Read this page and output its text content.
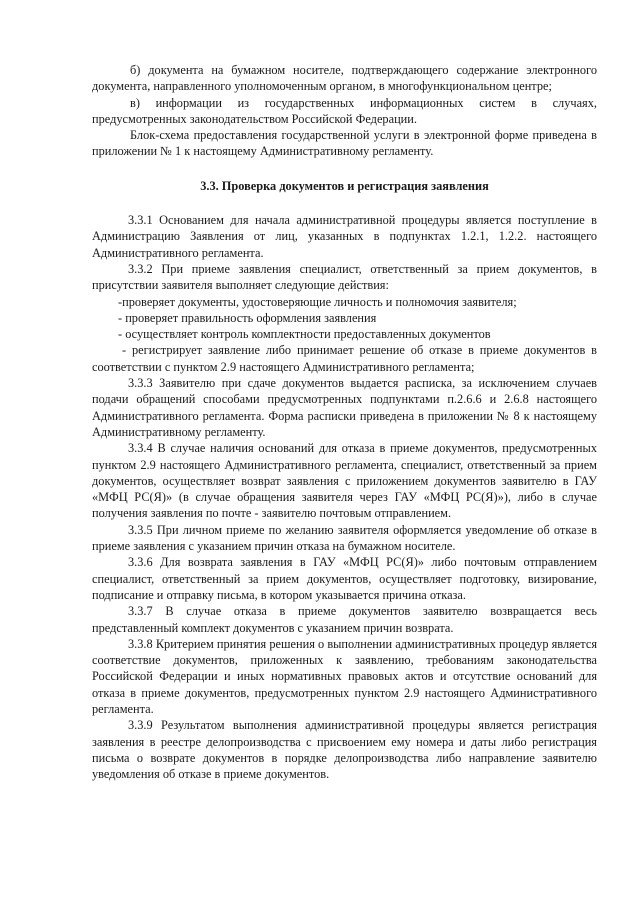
б) документа на бумажном носителе, подтверждающего содержание электронного документа, направленного уполномоченным органом, в многофункциональном центре;

в) информации из государственных информационных систем в случаях, предусмотренных законодательством Российской Федерации.

Блок-схема предоставления государственной услуги в электронной форме приведена в приложении № 1 к настоящему Административному регламенту.

3.3. Проверка документов и регистрация заявления

3.3.1 Основанием для начала административной процедуры является поступление в Администрацию Заявления от лиц, указанных в подпунктах 1.2.1, 1.2.2. настоящего Административного регламента.

3.3.2 При приеме заявления специалист, ответственный за прием документов, в присутствии заявителя выполняет следующие действия:

-проверяет документы, удостоверяющие личность и полномочия заявителя;

- проверяет правильность оформления заявления

- осуществляет контроль комплектности предоставленных документов

- регистрирует заявление либо принимает решение об отказе в приеме документов в соответствии с пунктом 2.9 настоящего Административного регламента;

3.3.3 Заявителю при сдаче документов выдается расписка, за исключением случаев подачи обращений способами предусмотренных подпунктами п.2.6.6 и 2.6.8 настоящего Административного регламента. Форма расписки приведена в приложении № 8 к настоящему Административному регламенту.

3.3.4 В случае наличия оснований для отказа в приеме документов, предусмотренных пунктом 2.9 настоящего Административного регламента, специалист, ответственный за прием документов, осуществляет возврат заявления с приложением документов заявителю в ГАУ «МФЦ РС(Я)» (в случае обращения заявителя через ГАУ «МФЦ РС(Я)»), либо в случае получения заявления по почте - заявителю почтовым отправлением.

3.3.5 При личном приеме по желанию заявителя оформляется уведомление об отказе в приеме заявления с указанием причин отказа на бумажном носителе.

3.3.6 Для возврата заявления в ГАУ «МФЦ РС(Я)» либо почтовым отправлением специалист, ответственный за прием документов, осуществляет подготовку, визирование, подписание и отправку письма, в котором указывается причина отказа.

3.3.7 В случае отказа в приеме документов заявителю возвращается весь представленный комплект документов с указанием причин возврата.

3.3.8 Критерием принятия решения о выполнении административных процедур является соответствие документов, приложенных к заявлению, требованиям законодательства Российской Федерации и иных нормативных правовых актов и отсутствие оснований для отказа в приеме документов, предусмотренных пунктом 2.9 настоящего Административного регламента.

3.3.9 Результатом выполнения административной процедуры является регистрация заявления в реестре делопроизводства с присвоением ему номера и даты либо регистрация письма о возврате документов в порядке делопроизводства либо направление заявителю уведомления об отказе в приеме документов.
